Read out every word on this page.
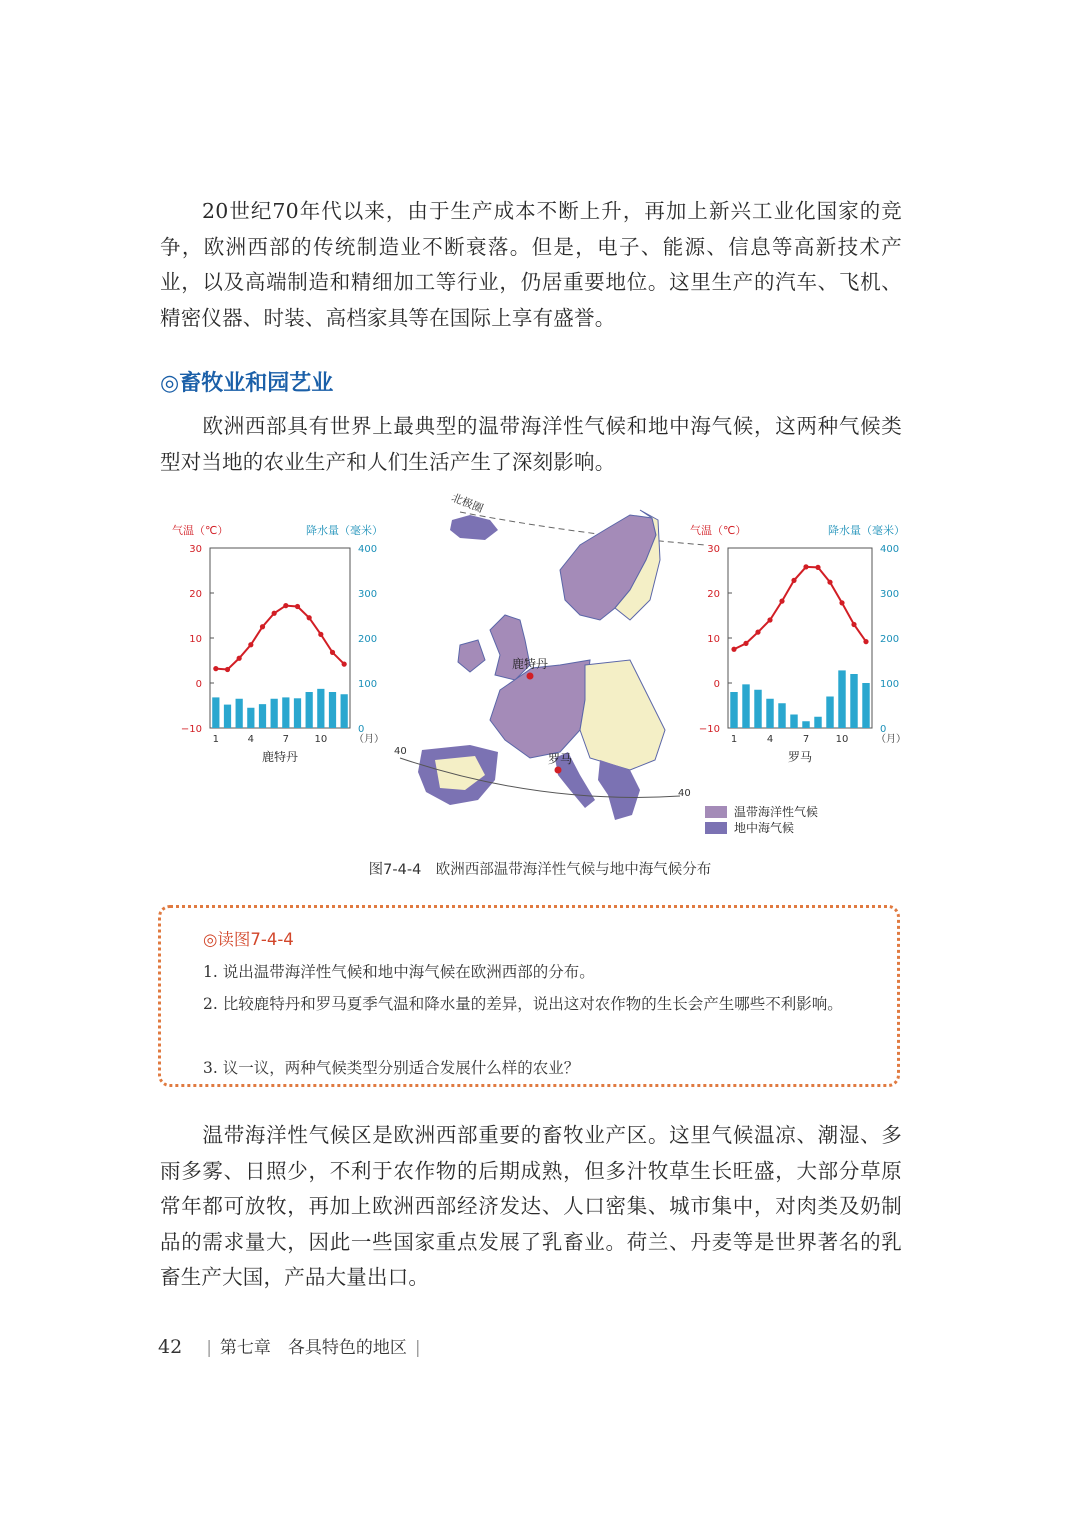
20世纪70年代以来，由于生产成本不断上升，再加上新兴工业化国家的竞争，欧洲西部的传统制造业不断衰落。但是，电子、能源、信息等高新技术产业，以及高端制造和精细加工等行业，仍居重要地位。这里生产的汽车、飞机、精密仪器、时装、高档家具等在国际上享有盛誉。

◎畜牧业和园艺业

欧洲西部具有世界上最典型的温带海洋性气候和地中海气候，这两种气候类型对当地的农业生产和人们生活产生了深刻影响。

气温（℃）	降水量（毫米）
30
20
10
0
−10
400
300
200
100
0
1	4	7	10	（月）
鹿特丹
气温（℃）	降水量（毫米）
30
20
10
0
−10
400
300
200
100
0
1	4	7	10	（月）
罗马
北极圈
40
40
鹿特丹
罗马
温带海洋性气候
地中海气候

图7-4-4　欧洲西部温带海洋性气候与地中海气候分布

◎读图7-4-4

1. 说出温带海洋性气候和地中海气候在欧洲西部的分布。

2. 比较鹿特丹和罗马夏季气温和降水量的差异，说出这对农作物的生长会产生哪些不利影响。

3. 议一议，两种气候类型分别适合发展什么样的农业？

温带海洋性气候区是欧洲西部重要的畜牧业产区。这里气候温凉、潮湿、多雨多雾、日照少，不利于农作物的后期成熟，但多汁牧草生长旺盛，大部分草原常年都可放牧，再加上欧洲西部经济发达、人口密集、城市集中，对肉类及奶制品的需求量大，因此一些国家重点发展了乳畜业。荷兰、丹麦等是世界著名的乳畜生产大国，产品大量出口。

42 | 第七章　各具特色的地区 |
